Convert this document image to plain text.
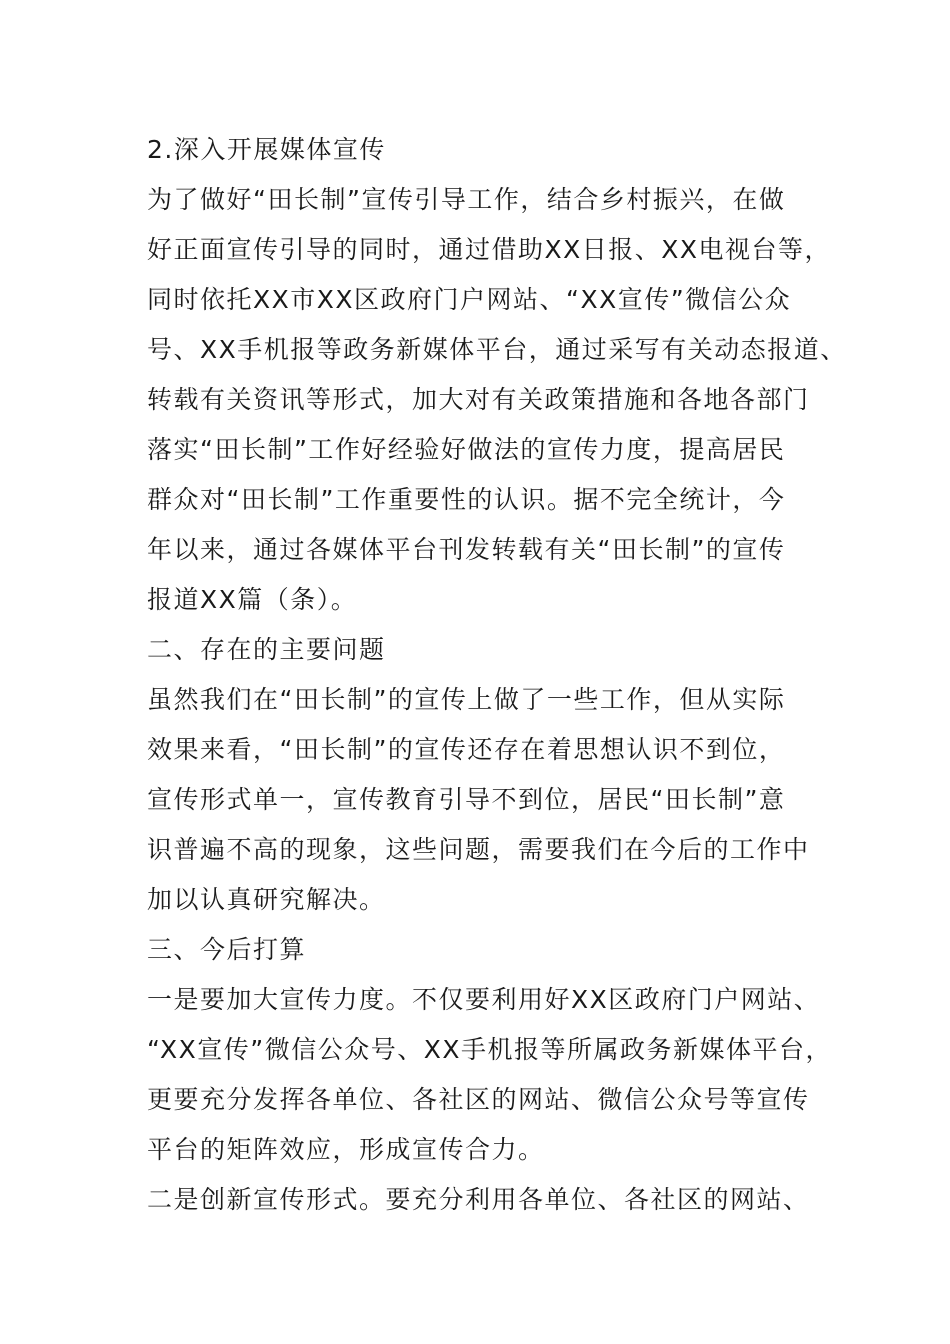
2.深入开展媒体宣传
为了做好“田长制”宣传引导工作，结合乡村振兴，在做
好正面宣传引导的同时，通过借助XX日报、XX电视台等，
同时依托XX市XX区政府门户网站、“XX宣传”微信公众
号、XX手机报等政务新媒体平台，通过采写有关动态报道、
转载有关资讯等形式，加大对有关政策措施和各地各部门
落实“田长制”工作好经验好做法的宣传力度，提高居民
群众对“田长制”工作重要性的认识。据不完全统计，今
年以来，通过各媒体平台刊发转载有关“田长制”的宣传
报道XX篇（条）。
二、存在的主要问题
虽然我们在“田长制”的宣传上做了一些工作，但从实际
效果来看，“田长制”的宣传还存在着思想认识不到位，
宣传形式单一，宣传教育引导不到位，居民“田长制”意
识普遍不高的现象，这些问题，需要我们在今后的工作中
加以认真研究解决。
三、今后打算
一是要加大宣传力度。不仅要利用好XX区政府门户网站、
“XX宣传”微信公众号、XX手机报等所属政务新媒体平台，
更要充分发挥各单位、各社区的网站、微信公众号等宣传
平台的矩阵效应，形成宣传合力。
二是创新宣传形式。要充分利用各单位、各社区的网站、
